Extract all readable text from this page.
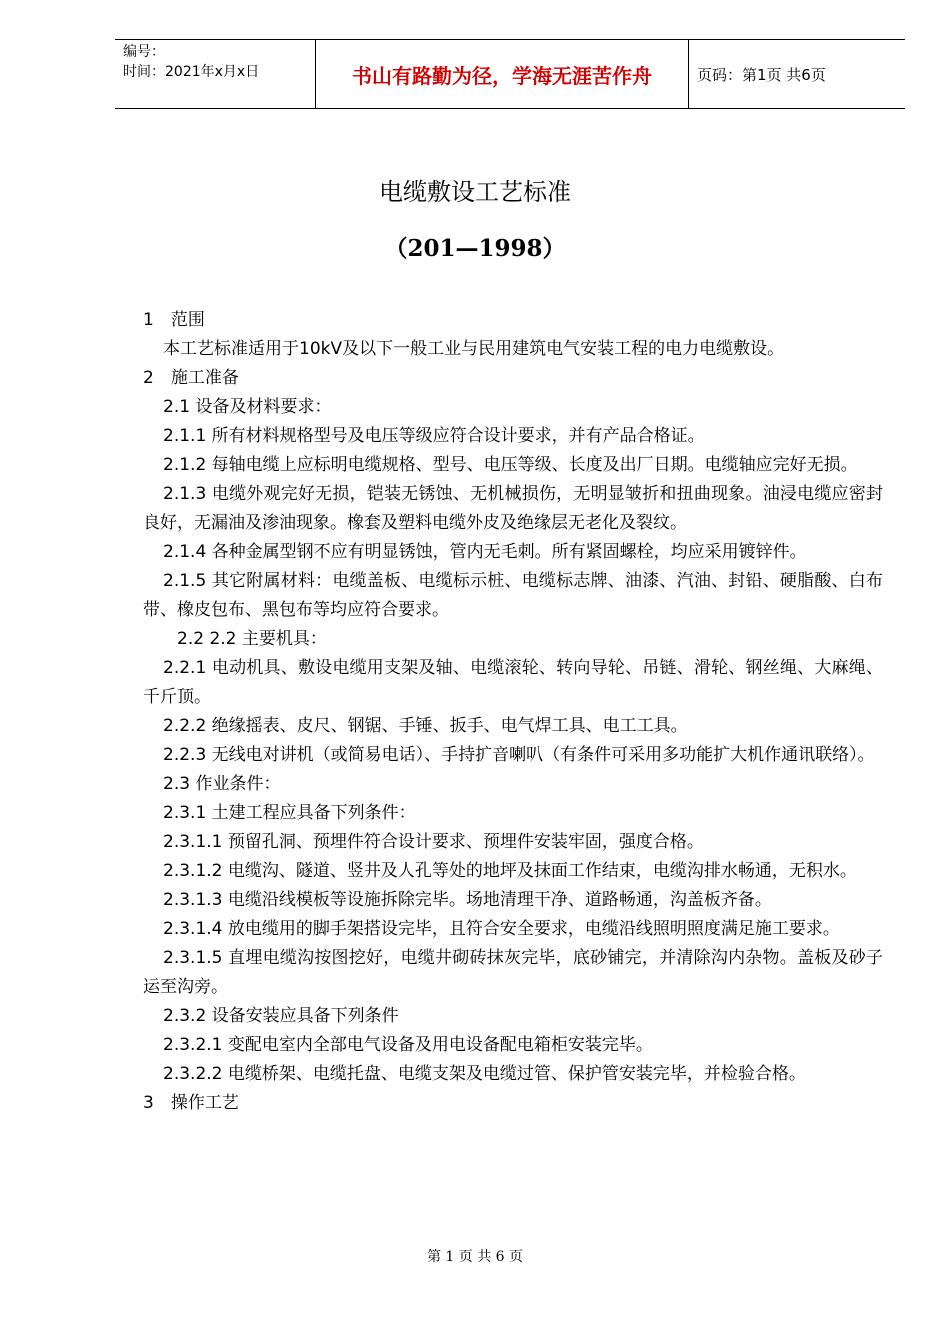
编号：
时间：2021年x月x日	书山有路勤为径，学海无涯苦作舟	页码：第1页 共6页
电缆敷设工艺标准
（201—1998）

1　范围

本工艺标准适用于10kV及以下一般工业与民用建筑电气安装工程的电力电缆敷设。

2　施工准备

2.1 设备及材料要求：

2.1.1 所有材料规格型号及电压等级应符合设计要求，并有产品合格证。

2.1.2 每轴电缆上应标明电缆规格、型号、电压等级、长度及出厂日期。电缆轴应完好无损。

2.1.3 电缆外观完好无损，铠装无锈蚀、无机械损伤，无明显皱折和扭曲现象。油浸电缆应密封良好，无漏油及渗油现象。橡套及塑料电缆外皮及绝缘层无老化及裂纹。

2.1.4 各种金属型钢不应有明显锈蚀，管内无毛刺。所有紧固螺栓，均应采用镀锌件。

2.1.5 其它附属材料：电缆盖板、电缆标示桩、电缆标志牌、油漆、汽油、封铅、硬脂酸、白布带、橡皮包布、黑包布等均应符合要求。

2.2 2.2 主要机具：

2.2.1 电动机具、敷设电缆用支架及轴、电缆滚轮、转向导轮、吊链、滑轮、钢丝绳、大麻绳、千斤顶。

2.2.2 绝缘摇表、皮尺、钢锯、手锤、扳手、电气焊工具、电工工具。

2.2.3 无线电对讲机（或简易电话）、手持扩音喇叭（有条件可采用多功能扩大机作通讯联络）。

2.3 作业条件：

2.3.1 土建工程应具备下列条件：

2.3.1.1 预留孔洞、预埋件符合设计要求、预埋件安装牢固，强度合格。

2.3.1.2 电缆沟、隧道、竖井及人孔等处的地坪及抹面工作结束，电缆沟排水畅通，无积水。

2.3.1.3 电缆沿线模板等设施拆除完毕。场地清理干净、道路畅通，沟盖板齐备。

2.3.1.4 放电缆用的脚手架搭设完毕，且符合安全要求，电缆沿线照明照度满足施工要求。

2.3.1.5 直埋电缆沟按图挖好，电缆井砌砖抹灰完毕，底砂铺完，并清除沟内杂物。盖板及砂子运至沟旁。

2.3.2 设备安装应具备下列条件

2.3.2.1 变配电室内全部电气设备及用电设备配电箱柜安装完毕。

2.3.2.2 电缆桥架、电缆托盘、电缆支架及电缆过管、保护管安装完毕，并检验合格。

3　操作工艺

第 1 页 共 6 页
